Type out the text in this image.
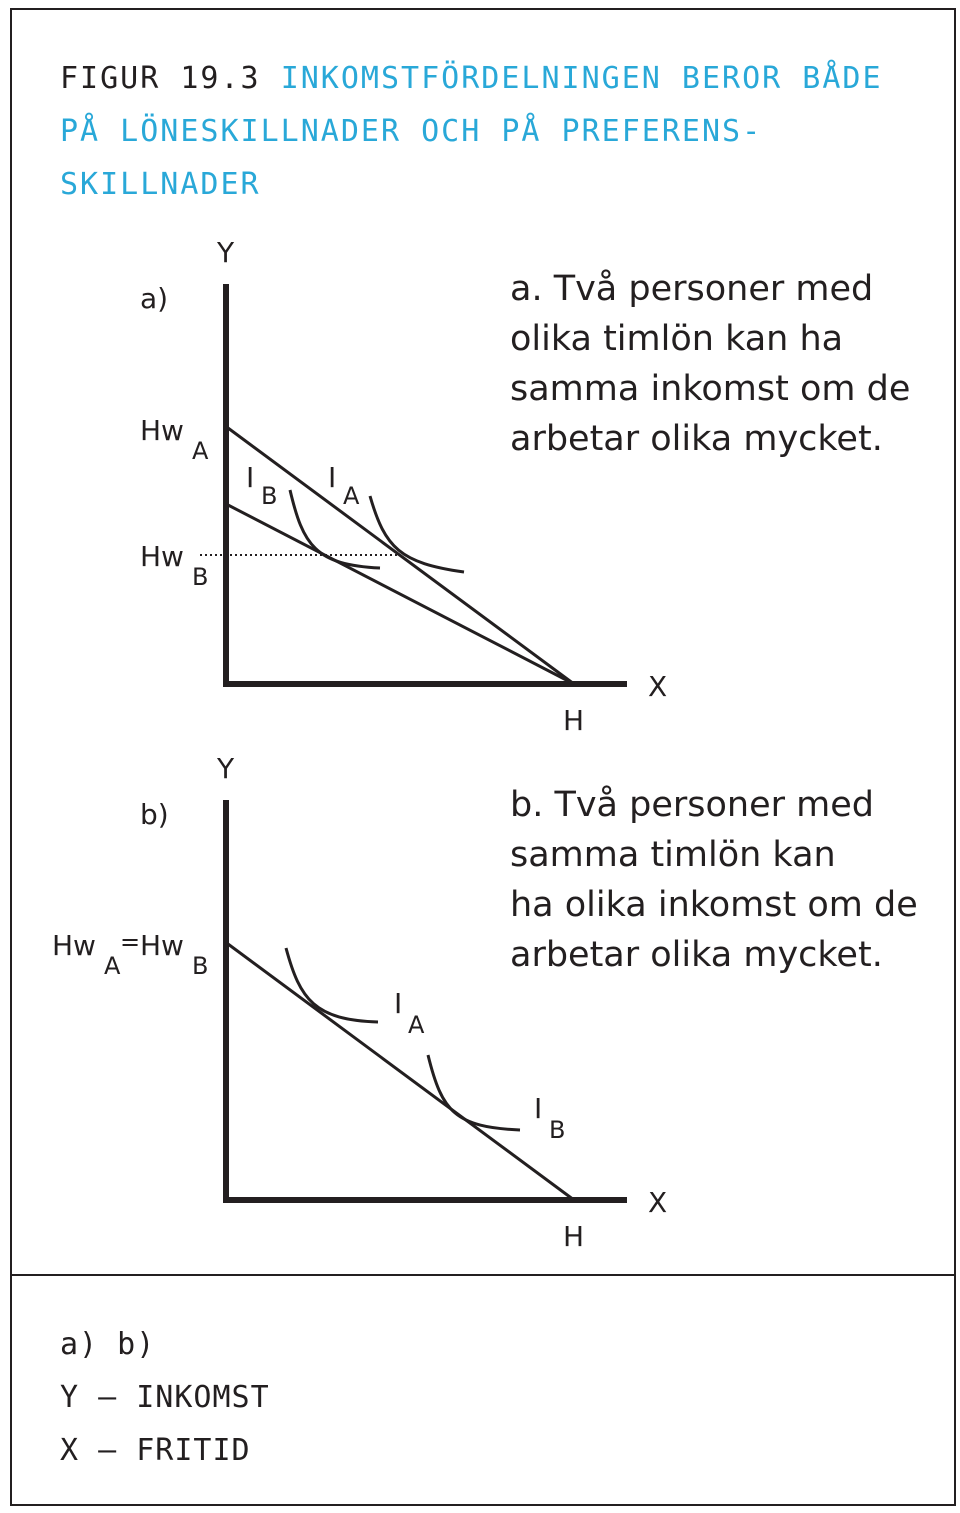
FIGUR 19.3 INKOMSTFÖRDELNINGEN BEROR BÅDE PÅ LÖNESKILLNADER OCH PÅ PREFERENS-SKILLNADER
a. Två personer med
olika timlön kan ha
samma inkomst om de
arbetar olika mycket.
b. Två personer med
samma timlön kan
ha olika inkomst om de
arbetar olika mycket.
a) b)
Y – INKOMST
X – FRITID
a)
Y
X
H
Hw
A
Hw
B
I
B
I
A
b)
Y
X
H
Hw
A
= Hw
B
I
A
I
B
